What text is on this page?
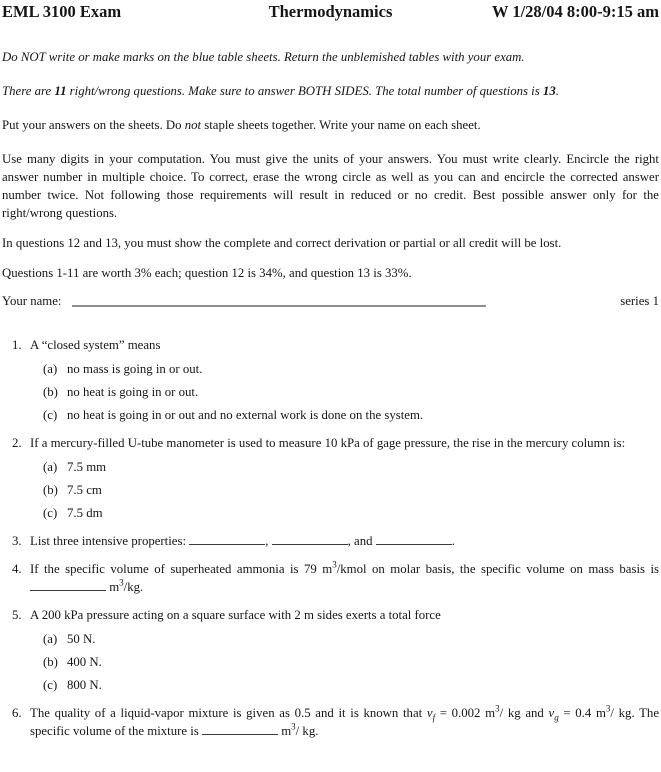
EML 3100 Exam	Thermodynamics	W 1/28/04 8:00-9:15 am

Do NOT write or make marks on the blue table sheets. Return the unblemished tables with your exam.

There are 11 right/wrong questions. Make sure to answer BOTH SIDES. The total number of questions is 13.

Put your answers on the sheets. Do not staple sheets together. Write your name on each sheet.

Use many digits in your computation. You must give the units of your answers. You must write clearly. Encircle the right answer number in multiple choice. To correct, erase the wrong circle as well as you can and encircle the corrected answer number twice. Not following those requirements will result in reduced or no credit. Best possible answer only for the right/wrong questions.

In questions 12 and 13, you must show the complete and correct derivation or partial or all credit will be lost.

Questions 1-11 are worth 3% each; question 12 is 34%, and question 13 is 33%.

Your name:	series 1
1. A “closed system” means
(a) no mass is going in or out.
(b) no heat is going in or out.
(c) no heat is going in or out and no external work is done on the system.
2. If a mercury-filled U-tube manometer is used to measure 10 kPa of gage pressure, the rise in the mercury column is:
(a) 7.5 mm
(b) 7.5 cm
(c) 7.5 dm
3. List three intensive properties:	,	, and	.
4. If the specific volume of superheated ammonia is 79 $m^3$/kmol on molar basis, the specific volume on mass basis is  $m^3/kg$.
5. A 200 kPa pressure acting on a square surface with 2 m sides exerts a total force
(a) 50 N.
(b) 400 N.
(c) 800 N.
6. The quality of a liquid-vapor mixture is given as 0.5 and it is known that $v_f = 0.002$ $m^3/$ kg and $v_g = 0.4$ $m^3/$ kg. The specific volume of the mixture is	$m^3/$ kg.
